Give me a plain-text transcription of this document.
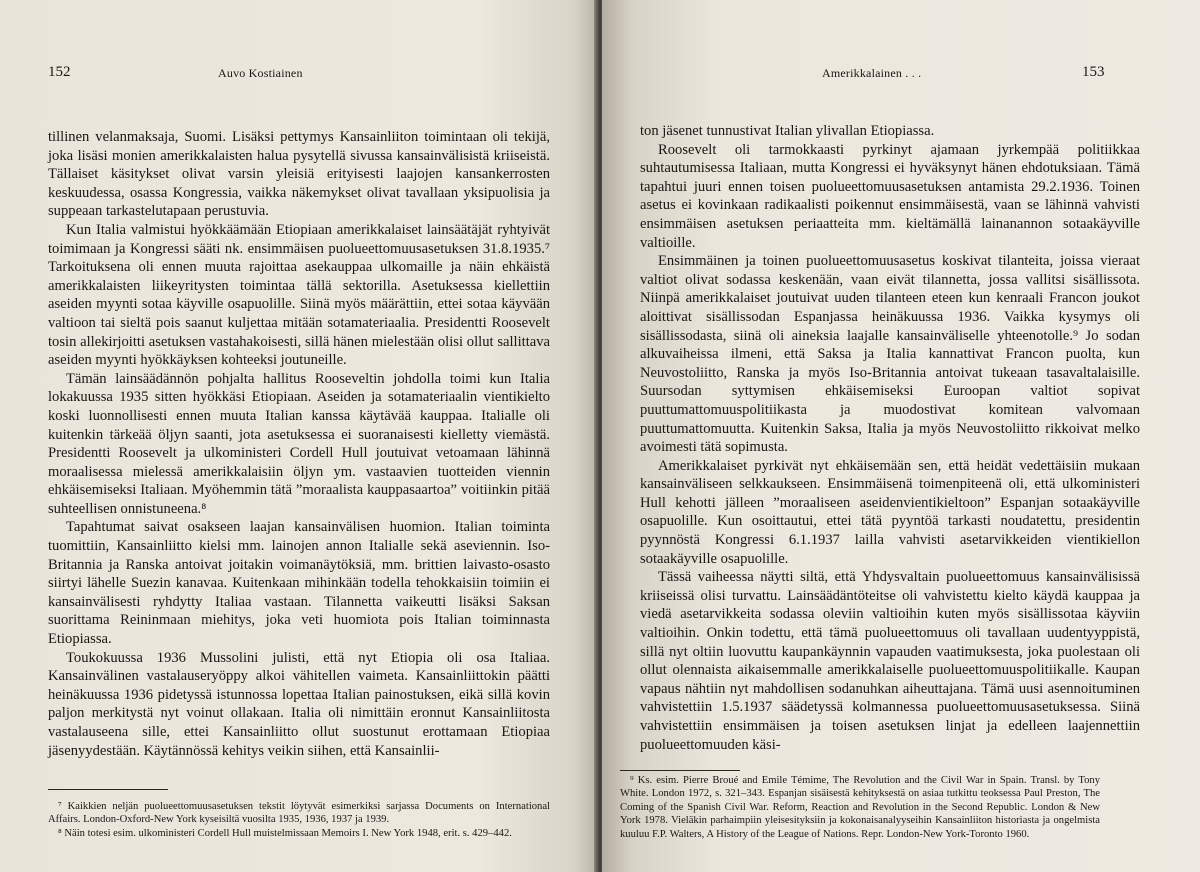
152	Auvo Kostiainen

tillinen velanmaksaja, Suomi. Lisäksi pettymys Kansainliiton toimintaan oli tekijä, joka lisäsi monien amerikkalaisten halua pysytellä sivussa kansainvälisistä kriiseistä. Tällaiset käsitykset olivat varsin yleisiä erityisesti laajojen kansankerrosten keskuudessa, osassa Kongressia, vaikka näkemykset olivat tavallaan yksipuolisia ja suppeaan tarkastelutapaan perustuvia.

Kun Italia valmistui hyökkäämään Etiopiaan amerikkalaiset lainsäätäjät ryhtyivät toimimaan ja Kongressi sääti nk. ensimmäisen puolueettomuusasetuksen 31.8.1935.⁷ Tarkoituksena oli ennen muuta rajoittaa asekauppaa ulkomaille ja näin ehkäistä amerikkalaisten liikeyritysten toimintaa tällä sektorilla. Asetuksessa kiellettiin aseiden myynti sotaa käyville osapuolille. Siinä myös määrättiin, ettei sotaa käyvään valtioon tai sieltä pois saanut kuljettaa mitään sotamateriaalia. Presidentti Roosevelt tosin allekirjoitti asetuksen vastahakoisesti, sillä hänen mielestään olisi ollut sallittava aseiden myynti hyökkäyksen kohteeksi joutuneille.

Tämän lainsäädännön pohjalta hallitus Rooseveltin johdolla toimi kun Italia lokakuussa 1935 sitten hyökkäsi Etiopiaan. Aseiden ja sotamateriaalin vientikielto koski luonnollisesti ennen muuta Italian kanssa käytävää kauppaa. Italialle oli kuitenkin tärkeää öljyn saanti, jota asetuksessa ei suoranaisesti kielletty viemästä. Presidentti Roosevelt ja ulkoministeri Cordell Hull joutuivat vetoamaan lähinnä moraalisessa mielessä amerikkalaisiin öljyn ym. vastaavien tuotteiden viennin ehkäisemiseksi Italiaan. Myöhemmin tätä ”moraalista kauppasaartoa” voitiinkin pitää suhteellisen onnistuneena.⁸

Tapahtumat saivat osakseen laajan kansainvälisen huomion. Italian toiminta tuomittiin, Kansainliitto kielsi mm. lainojen annon Italialle sekä aseviennin. Iso-Britannia ja Ranska antoivat joitakin voimanäytöksiä, mm. brittien laivasto-osasto siirtyi lähelle Suezin kanavaa. Kuitenkaan mihinkään todella tehokkaisiin toimiin ei kansainvälisesti ryhdytty Italiaa vastaan. Tilannetta vaikeutti lisäksi Saksan suorittama Reininmaan miehitys, joka veti huomiota pois Italian toiminnasta Etiopiassa.

Toukokuussa 1936 Mussolini julisti, että nyt Etiopia oli osa Italiaa. Kansainvälinen vastalauseryöppy alkoi vähitellen vaimeta. Kansainliittokin päätti heinäkuussa 1936 pidetyssä istunnossa lopettaa Italian painostuksen, eikä sillä kovin paljon merkitystä nyt voinut ollakaan. Italia oli nimittäin eronnut Kansainliitosta vastalauseena sille, ettei Kansainliitto ollut suostunut erottamaan Etiopiaa jäsenyydestään. Käytännössä kehitys veikin siihen, että Kansainlii-

⁷ Kaikkien neljän puolueettomuusasetuksen tekstit löytyvät esimerkiksi sarjassa Documents on International Affairs. London-Oxford-New York kyseisiltä vuosilta 1935, 1936, 1937 ja 1939.

⁸ Näin totesi esim. ulkoministeri Cordell Hull muistelmissaan Memoirs I. New York 1948, erit. s. 429–442.

Amerikkalainen . . .	153

ton jäsenet tunnustivat Italian ylivallan Etiopiassa.

Roosevelt oli tarmokkaasti pyrkinyt ajamaan jyrkempää politiikkaa suhtautumisessa Italiaan, mutta Kongressi ei hyväksynyt hänen ehdotuksiaan. Tämä tapahtui juuri ennen toisen puolueettomuusasetuksen antamista 29.2.1936. Toinen asetus ei kovinkaan radikaalisti poikennut ensimmäisestä, vaan se lähinnä vahvisti ensimmäisen asetuksen periaatteita mm. kieltämällä lainanannon sotaakäyville valtioille.

Ensimmäinen ja toinen puolueettomuusasetus koskivat tilanteita, joissa vieraat valtiot olivat sodassa keskenään, vaan eivät tilannetta, jossa vallitsi sisällissota. Niinpä amerikkalaiset joutuivat uuden tilanteen eteen kun kenraali Francon joukot aloittivat sisällissodan Espanjassa heinäkuussa 1936. Vaikka kysymys oli sisällissodasta, siinä oli aineksia laajalle kansainväliselle yhteenotolle.⁹ Jo sodan alkuvaiheissa ilmeni, että Saksa ja Italia kannattivat Francon puolta, kun Neuvostoliitto, Ranska ja myös Iso-Britannia antoivat tukeaan tasavaltalaisille. Suursodan syttymisen ehkäisemiseksi Euroopan valtiot sopivat puuttumattomuuspolitiikasta ja muodostivat komitean valvomaan puuttumattomuutta. Kuitenkin Saksa, Italia ja myös Neuvostoliitto rikkoivat melko avoimesti tätä sopimusta.

Amerikkalaiset pyrkivät nyt ehkäisemään sen, että heidät vedettäisiin mukaan kansainväliseen selkkaukseen. Ensimmäisenä toimenpiteenä oli, että ulkoministeri Hull kehotti jälleen ”moraaliseen aseidenvientikieltoon” Espanjan sotaakäyville osapuolille. Kun osoittautui, ettei tätä pyyntöä tarkasti noudatettu, presidentin pyynnöstä Kongressi 6.1.1937 lailla vahvisti asetarvikkeiden vientikiellon sotaakäyville osapuolille.

Tässä vaiheessa näytti siltä, että Yhdysvaltain puolueettomuus kansainvälisissä kriiseissä olisi turvattu. Lainsäädäntöteitse oli vahvistettu kielto käydä kauppaa ja viedä asetarvikkeita sodassa oleviin valtioihin kuten myös sisällissotaa käyviin valtioihin. Onkin todettu, että tämä puolueettomuus oli tavallaan uudentyyppistä, sillä nyt oltiin luovuttu kaupankäynnin vapauden vaatimuksesta, joka puolestaan oli ollut olennaista aikaisemmalle amerikkalaiselle puolueettomuuspolitiikalle. Kaupan vapaus nähtiin nyt mahdollisen sodanuhkan aiheuttajana. Tämä uusi asennoituminen vahvistettiin 1.5.1937 säädetyssä kolmannessa puolueettomuusasetuksessa. Siinä vahvistettiin ensimmäisen ja toisen asetuksen linjat ja edelleen laajennettiin puolueettomuuden käsi-

⁹ Ks. esim. Pierre Broué and Emile Témime, The Revolution and the Civil War in Spain. Transl. by Tony White. London 1972, s. 321–343. Espanjan sisäisestä kehityksestä on asiaa tutkittu teoksessa Paul Preston, The Coming of the Spanish Civil War. Reform, Reaction and Revolution in the Second Republic. London & New York 1978. Vieläkin parhaimpiin yleisesityksiin ja kokonaisanalyyseihin Kansainliiton historiasta ja ongelmista kuuluu F.P. Walters, A History of the League of Nations. Repr. London-New York-Toronto 1960.
